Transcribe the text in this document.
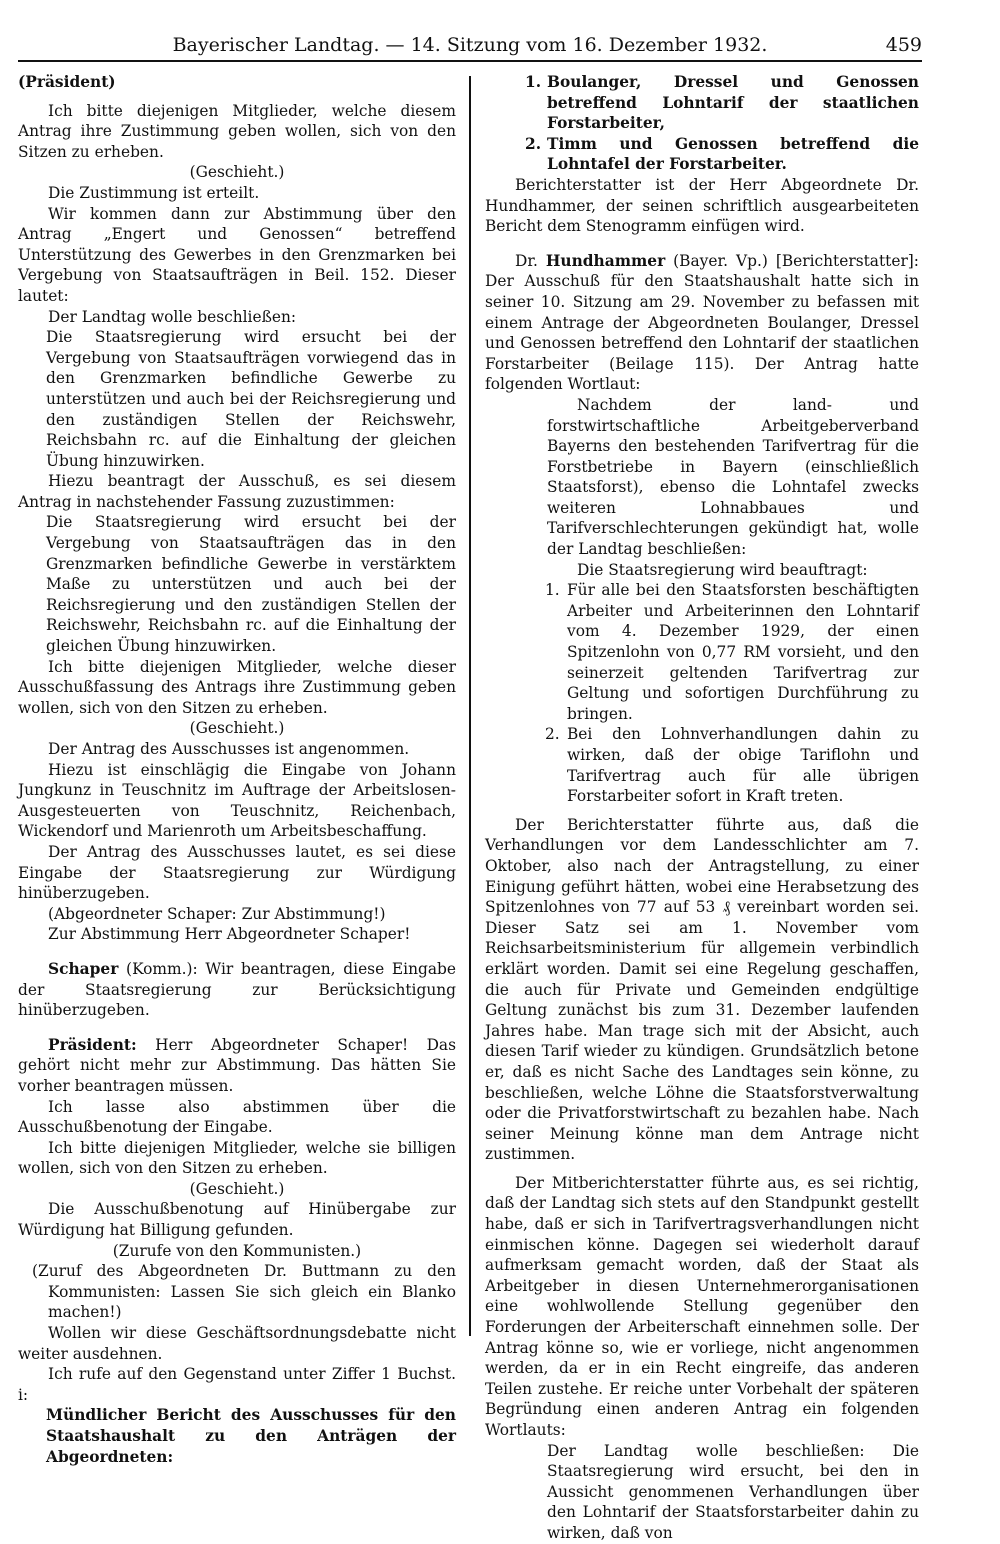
Bayerischer Landtag. — 14. Sitzung vom 16. Dezember 1932.	459

(Präsident)

Ich bitte diejenigen Mitglieder, welche diesem Antrag ihre Zustimmung geben wollen, sich von den Sitzen zu erheben.

(Geschieht.)

Die Zustimmung ist erteilt.

Wir kommen dann zur Abstimmung über den Antrag „Engert und Genossen“ betreffend Unterstützung des Gewerbes in den Grenzmarken bei Vergebung von Staatsaufträgen in Beil. 152. Dieser lautet:

Der Landtag wolle beschließen:

Die Staatsregierung wird ersucht bei der Vergebung von Staatsaufträgen vorwiegend das in den Grenzmarken befindliche Gewerbe zu unterstützen und auch bei der Reichsregierung und den zuständigen Stellen der Reichswehr, Reichsbahn rc. auf die Einhaltung der gleichen Übung hinzuwirken.

Hiezu beantragt der Ausschuß, es sei diesem Antrag in nachstehender Fassung zuzustimmen:

Die Staatsregierung wird ersucht bei der Vergebung von Staatsaufträgen das in den Grenzmarken befindliche Gewerbe in verstärktem Maße zu unterstützen und auch bei der Reichsregierung und den zuständigen Stellen der Reichswehr, Reichsbahn rc. auf die Einhaltung der gleichen Übung hinzuwirken.

Ich bitte diejenigen Mitglieder, welche dieser Ausschußfassung des Antrags ihre Zustimmung geben wollen, sich von den Sitzen zu erheben.

(Geschieht.)

Der Antrag des Ausschusses ist angenommen.

Hiezu ist einschlägig die Eingabe von Johann Jungkunz in Teuschnitz im Auftrage der Arbeitslosen-Ausgesteuerten von Teuschnitz, Reichenbach, Wickendorf und Marienroth um Arbeitsbeschaffung.

Der Antrag des Ausschusses lautet, es sei diese Eingabe der Staatsregierung zur Würdigung hinüberzugeben.

(Abgeordneter Schaper: Zur Abstimmung!)

Zur Abstimmung Herr Abgeordneter Schaper!

Schaper (Komm.): Wir beantragen, diese Eingabe der Staatsregierung zur Berücksichtigung hinüberzugeben.

Präsident: Herr Abgeordneter Schaper! Das gehört nicht mehr zur Abstimmung. Das hätten Sie vorher beantragen müssen.

Ich lasse also abstimmen über die Ausschußbenotung der Eingabe.

Ich bitte diejenigen Mitglieder, welche sie billigen wollen, sich von den Sitzen zu erheben.

(Geschieht.)

Die Ausschußbenotung auf Hinübergabe zur Würdigung hat Billigung gefunden.

(Zurufe von den Kommunisten.)

(Zuruf des Abgeordneten Dr. Buttmann zu den Kommunisten: Lassen Sie sich gleich ein Blanko machen!)

Wollen wir diese Geschäftsordnungsdebatte nicht weiter ausdehnen.

Ich rufe auf den Gegenstand unter Ziffer 1 Buchst. i:

Mündlicher Bericht des Ausschusses für den Staatshaushalt zu den Anträgen der Abgeordneten:

1. Boulanger, Dressel und Genossen betreffend Lohntarif der staatlichen Forstarbeiter,
2. Timm und Genossen betreffend die Lohntafel der Forstarbeiter.

Berichterstatter ist der Herr Abgeordnete Dr. Hundhammer, der seinen schriftlich ausgearbeiteten Bericht dem Stenogramm einfügen wird.

Dr. Hundhammer (Bayer. Vp.) [Berichterstatter]: Der Ausschuß für den Staatshaushalt hatte sich in seiner 10. Sitzung am 29. November zu befassen mit einem Antrage der Abgeordneten Boulanger, Dressel und Genossen betreffend den Lohntarif der staatlichen Forstarbeiter (Beilage 115). Der Antrag hatte folgenden Wortlaut:

Nachdem der land- und forstwirtschaftliche Arbeitgeberverband Bayerns den bestehenden Tarifvertrag für die Forstbetriebe in Bayern (einschließlich Staatsforst), ebenso die Lohntafel zwecks weiteren Lohnabbaues und Tarifverschlechterungen gekündigt hat, wolle der Landtag beschließen:

Die Staatsregierung wird beauftragt:

1. Für alle bei den Staatsforsten beschäftigten Arbeiter und Arbeiterinnen den Lohntarif vom 4. Dezember 1929, der einen Spitzenlohn von 0,77 RM vorsieht, und den seinerzeit geltenden Tarifvertrag zur Geltung und sofortigen Durchführung zu bringen.
2. Bei den Lohnverhandlungen dahin zu wirken, daß der obige Tariflohn und Tarifvertrag auch für alle übrigen Forstarbeiter sofort in Kraft treten.

Der Berichterstatter führte aus, daß die Verhandlungen vor dem Landesschlichter am 7. Oktober, also nach der Antragstellung, zu einer Einigung geführt hätten, wobei eine Herabsetzung des Spitzenlohnes von 77 auf 53 ₰ vereinbart worden sei. Dieser Satz sei am 1. November vom Reichsarbeitsministerium für allgemein verbindlich erklärt worden. Damit sei eine Regelung geschaffen, die auch für Private und Gemeinden endgültige Geltung zunächst bis zum 31. Dezember laufenden Jahres habe. Man trage sich mit der Absicht, auch diesen Tarif wieder zu kündigen. Grundsätzlich betone er, daß es nicht Sache des Landtages sein könne, zu beschließen, welche Löhne die Staatsforstverwaltung oder die Privatforstwirtschaft zu bezahlen habe. Nach seiner Meinung könne man dem Antrage nicht zustimmen.

Der Mitberichterstatter führte aus, es sei richtig, daß der Landtag sich stets auf den Standpunkt gestellt habe, daß er sich in Tarifvertragsverhandlungen nicht einmischen könne. Dagegen sei wiederholt darauf aufmerksam gemacht worden, daß der Staat als Arbeitgeber in diesen Unternehmerorganisationen eine wohlwollende Stellung gegenüber den Forderungen der Arbeiterschaft einnehmen solle. Der Antrag könne so, wie er vorliege, nicht angenommen werden, da er in ein Recht eingreife, das anderen Teilen zustehe. Er reiche unter Vorbehalt der späteren Begründung einen anderen Antrag ein folgenden Wortlauts:

Der Landtag wolle beschließen: Die Staatsregierung wird ersucht, bei den in Aussicht genommenen Verhandlungen über den Lohntarif der Staatsforstarbeiter dahin zu wirken, daß von
